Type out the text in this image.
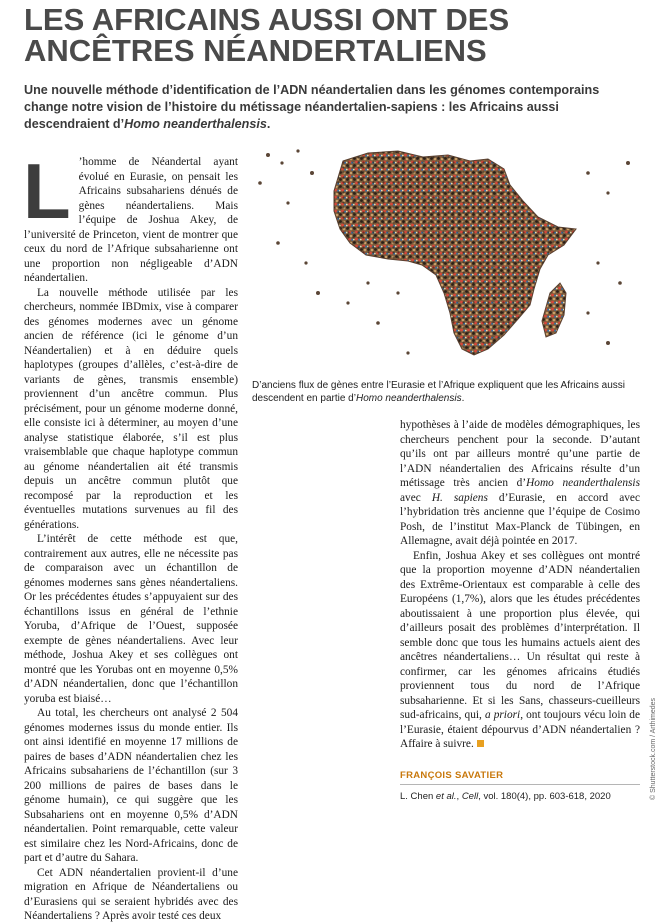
LES AFRICAINS AUSSI ONT DES ANCÊTRES NÉANDERTALIENS
Une nouvelle méthode d’identification de l’ADN néandertalien dans les génomes contemporains change notre vision de l’histoire du métissage néandertalien-sapiens : les Africains aussi descendraient d’Homo neanderthalensis.
L ’homme de Néandertal ayant évolué en Eurasie, on pensait les Africains subsahariens dénués de gènes néandertaliens. Mais l’équipe de Joshua Akey, de l’université de Princeton, vient de montrer que ceux du nord de l’Afrique subsaharienne ont une proportion non négligeable d’ADN néandertalien.

La nouvelle méthode utilisée par les chercheurs, nommée IBDmix, vise à comparer des génomes modernes avec un génome ancien de référence (ici le génome d’un Néandertalien) et à en déduire quels haplotypes (groupes d’allèles, c’est-à-dire de variants de gènes, transmis ensemble) proviennent d’un ancêtre commun. Plus précisément, pour un génome moderne donné, elle consiste ici à déterminer, au moyen d’une analyse statistique élaborée, s’il est plus vraisemblable que chaque haplotype commun au génome néandertalien ait été transmis depuis un ancêtre commun plutôt que recomposé par la reproduction et les éventuelles mutations survenues au fil des générations.

L’intérêt de cette méthode est que, contrairement aux autres, elle ne nécessite pas de comparaison avec un échantillon de génomes modernes sans gènes néandertaliens. Or les précédentes études s’appuyaient sur des échantillons issus en général de l’ethnie Yoruba, d’Afrique de l’Ouest, supposée exempte de gènes néandertaliens. Avec leur méthode, Joshua Akey et ses collègues ont montré que les Yorubas ont en moyenne 0,5% d’ADN néandertalien, donc que l’échantillon yoruba est biaisé…

Au total, les chercheurs ont analysé 2 504 génomes modernes issus du monde entier. Ils ont ainsi identifié en moyenne 17 millions de paires de bases d’ADN néandertalien chez les Africains subsahariens de l’échantillon (sur 3 200 millions de paires de bases dans le génome humain), ce qui suggère que les Subsahariens ont en moyenne 0,5% d’ADN néandertalien. Point remarquable, cette valeur est similaire chez les Nord-Africains, donc de part et d’autre du Sahara.

Cet ADN néandertalien provient-il d’une migration en Afrique de Néandertaliens ou d’Eurasiens qui se seraient hybridés avec des Néandertaliens ? Après avoir testé ces deux

D’anciens flux de gènes entre l’Eurasie et l’Afrique expliquent que les Africains aussi descendent en partie d’Homo neanderthalensis.

hypothèses à l’aide de modèles démographiques, les chercheurs penchent pour la seconde. D’autant qu’ils ont par ailleurs montré qu’une partie de l’ADN néandertalien des Africains résulte d’un métissage très ancien d’Homo neanderthalensis avec H. sapiens d’Eurasie, en accord avec l’hybridation très ancienne que l’équipe de Cosimo Posh, de l’institut Max-Planck de Tübingen, en Allemagne, avait déjà pointée en 2017.

Enfin, Joshua Akey et ses collègues ont montré que la proportion moyenne d’ADN néandertalien des Extrême-Orientaux est comparable à celle des Européens (1,7%), alors que les études précédentes aboutissaient à une proportion plus élevée, qui d’ailleurs posait des problèmes d’interprétation. Il semble donc que tous les humains actuels aient des ancêtres néandertaliens… Un résultat qui reste à confirmer, car les génomes africains étudiés proviennent tous du nord de l’Afrique subsaharienne. Et si les Sans, chasseurs-cueilleurs sud-africains, qui, a priori, ont toujours vécu loin de l’Eurasie, étaient dépourvus d’ADN néandertalien ? Affaire à suivre.	© Shutterstock.com / Arthimedes
FRANÇOIS SAVATIER
L. Chen et al., Cell, vol. 180(4), pp. 603-618, 2020
